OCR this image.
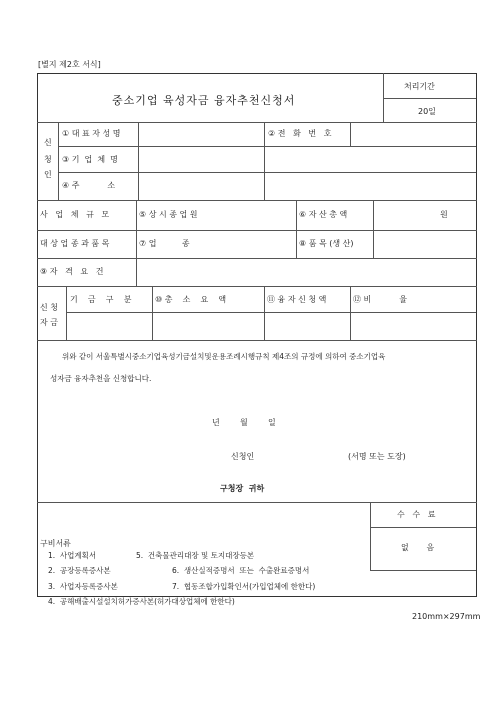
[별지 제2호 서식]
중소기업 육성자금 융자추천신청서
처리기간
20일
신
청
인
① 대 표 자 성 명	② 전   화   번   호
③ 기  업  체  명
④ 주           소
사   업   체   규   모	⑤ 상 시 종 업 원	⑥ 자 산 총 액	원
대 상 업 종 과 품 목	⑦ 업          종	⑧ 품 목 (생 산)
⑨ 자   격   요   건
신 청
자 금
기    금    구    분	⑩ 총    소    요    액	⑪ 융 자 신 청 액	⑫ 비           율
위와 같이 서울특별시중소기업육성기금설치및운용조례시행규칙 제4조의 규정에 의하여 중소기업육
성자금 융자추천을 신청합니다.
년	월	일
신청인	(서명 또는 도장)
구청장  귀하
수   수   료
없       음
구비서류
1.  사업계획서	5.  건축물관리대장 및 토지대장등본
2.  공장등록증사본	6.  생산실적증명서  또는  수출완료증명서
3.  사업자등록증사본	7.  협동조합가입확인서(가입업체에 한한다)
4.  공해배출시설설치허가증사본(허가대상업체에 한한다)
210mm×297mm
